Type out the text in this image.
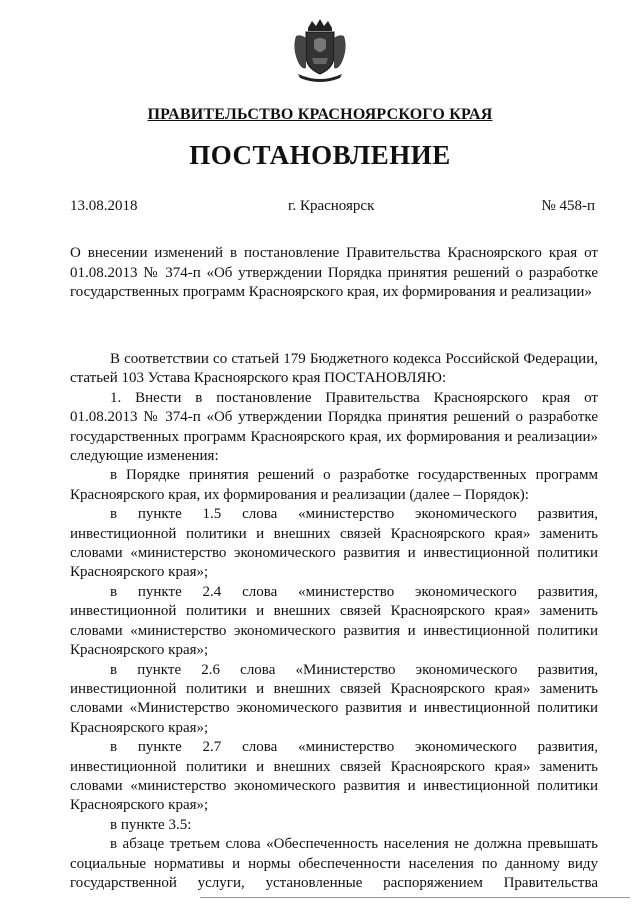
ПРАВИТЕЛЬСТВО КРАСНОЯРСКОГО КРАЯ
ПОСТАНОВЛЕНИЕ
13.08.2018	г. Красноярск	№ 458-п
О внесении изменений в постановление Правительства Красноярского края от 01.08.2013 № 374-п «Об утверждении Порядка принятия решений о разработке государственных программ Красноярского края, их формирования и реализации»

В соответствии со статьей 179 Бюджетного кодекса Российской Федерации, статьей 103 Устава Красноярского края ПОСТАНОВЛЯЮ:

1. Внести в постановление Правительства Красноярского края от 01.08.2013 № 374-п «Об утверждении Порядка принятия решений о разработке государственных программ Красноярского края, их формирования и реализации» следующие изменения:

в Порядке принятия решений о разработке государственных программ Красноярского края, их формирования и реализации (далее – Порядок):

в пункте 1.5 слова «министерство экономического развития, инвестиционной политики и внешних связей Красноярского края» заменить словами «министерство экономического развития и инвестиционной политики Красноярского края»;

в пункте 2.4 слова «министерство экономического развития, инвестиционной политики и внешних связей Красноярского края» заменить словами «министерство экономического развития и инвестиционной политики Красноярского края»;

в пункте 2.6 слова «Министерство экономического развития, инвестиционной политики и внешних связей Красноярского края» заменить словами «Министерство экономического развития и инвестиционной политики Красноярского края»;

в пункте 2.7 слова «министерство экономического развития, инвестиционной политики и внешних связей Красноярского края» заменить словами «министерство экономического развития и инвестиционной политики Красноярского края»;

в пункте 3.5:

в абзаце третьем слова «Обеспеченность населения не должна превышать социальные нормативы и нормы обеспеченности населения по данному виду государственной услуги, установленные распоряжением Правительства
